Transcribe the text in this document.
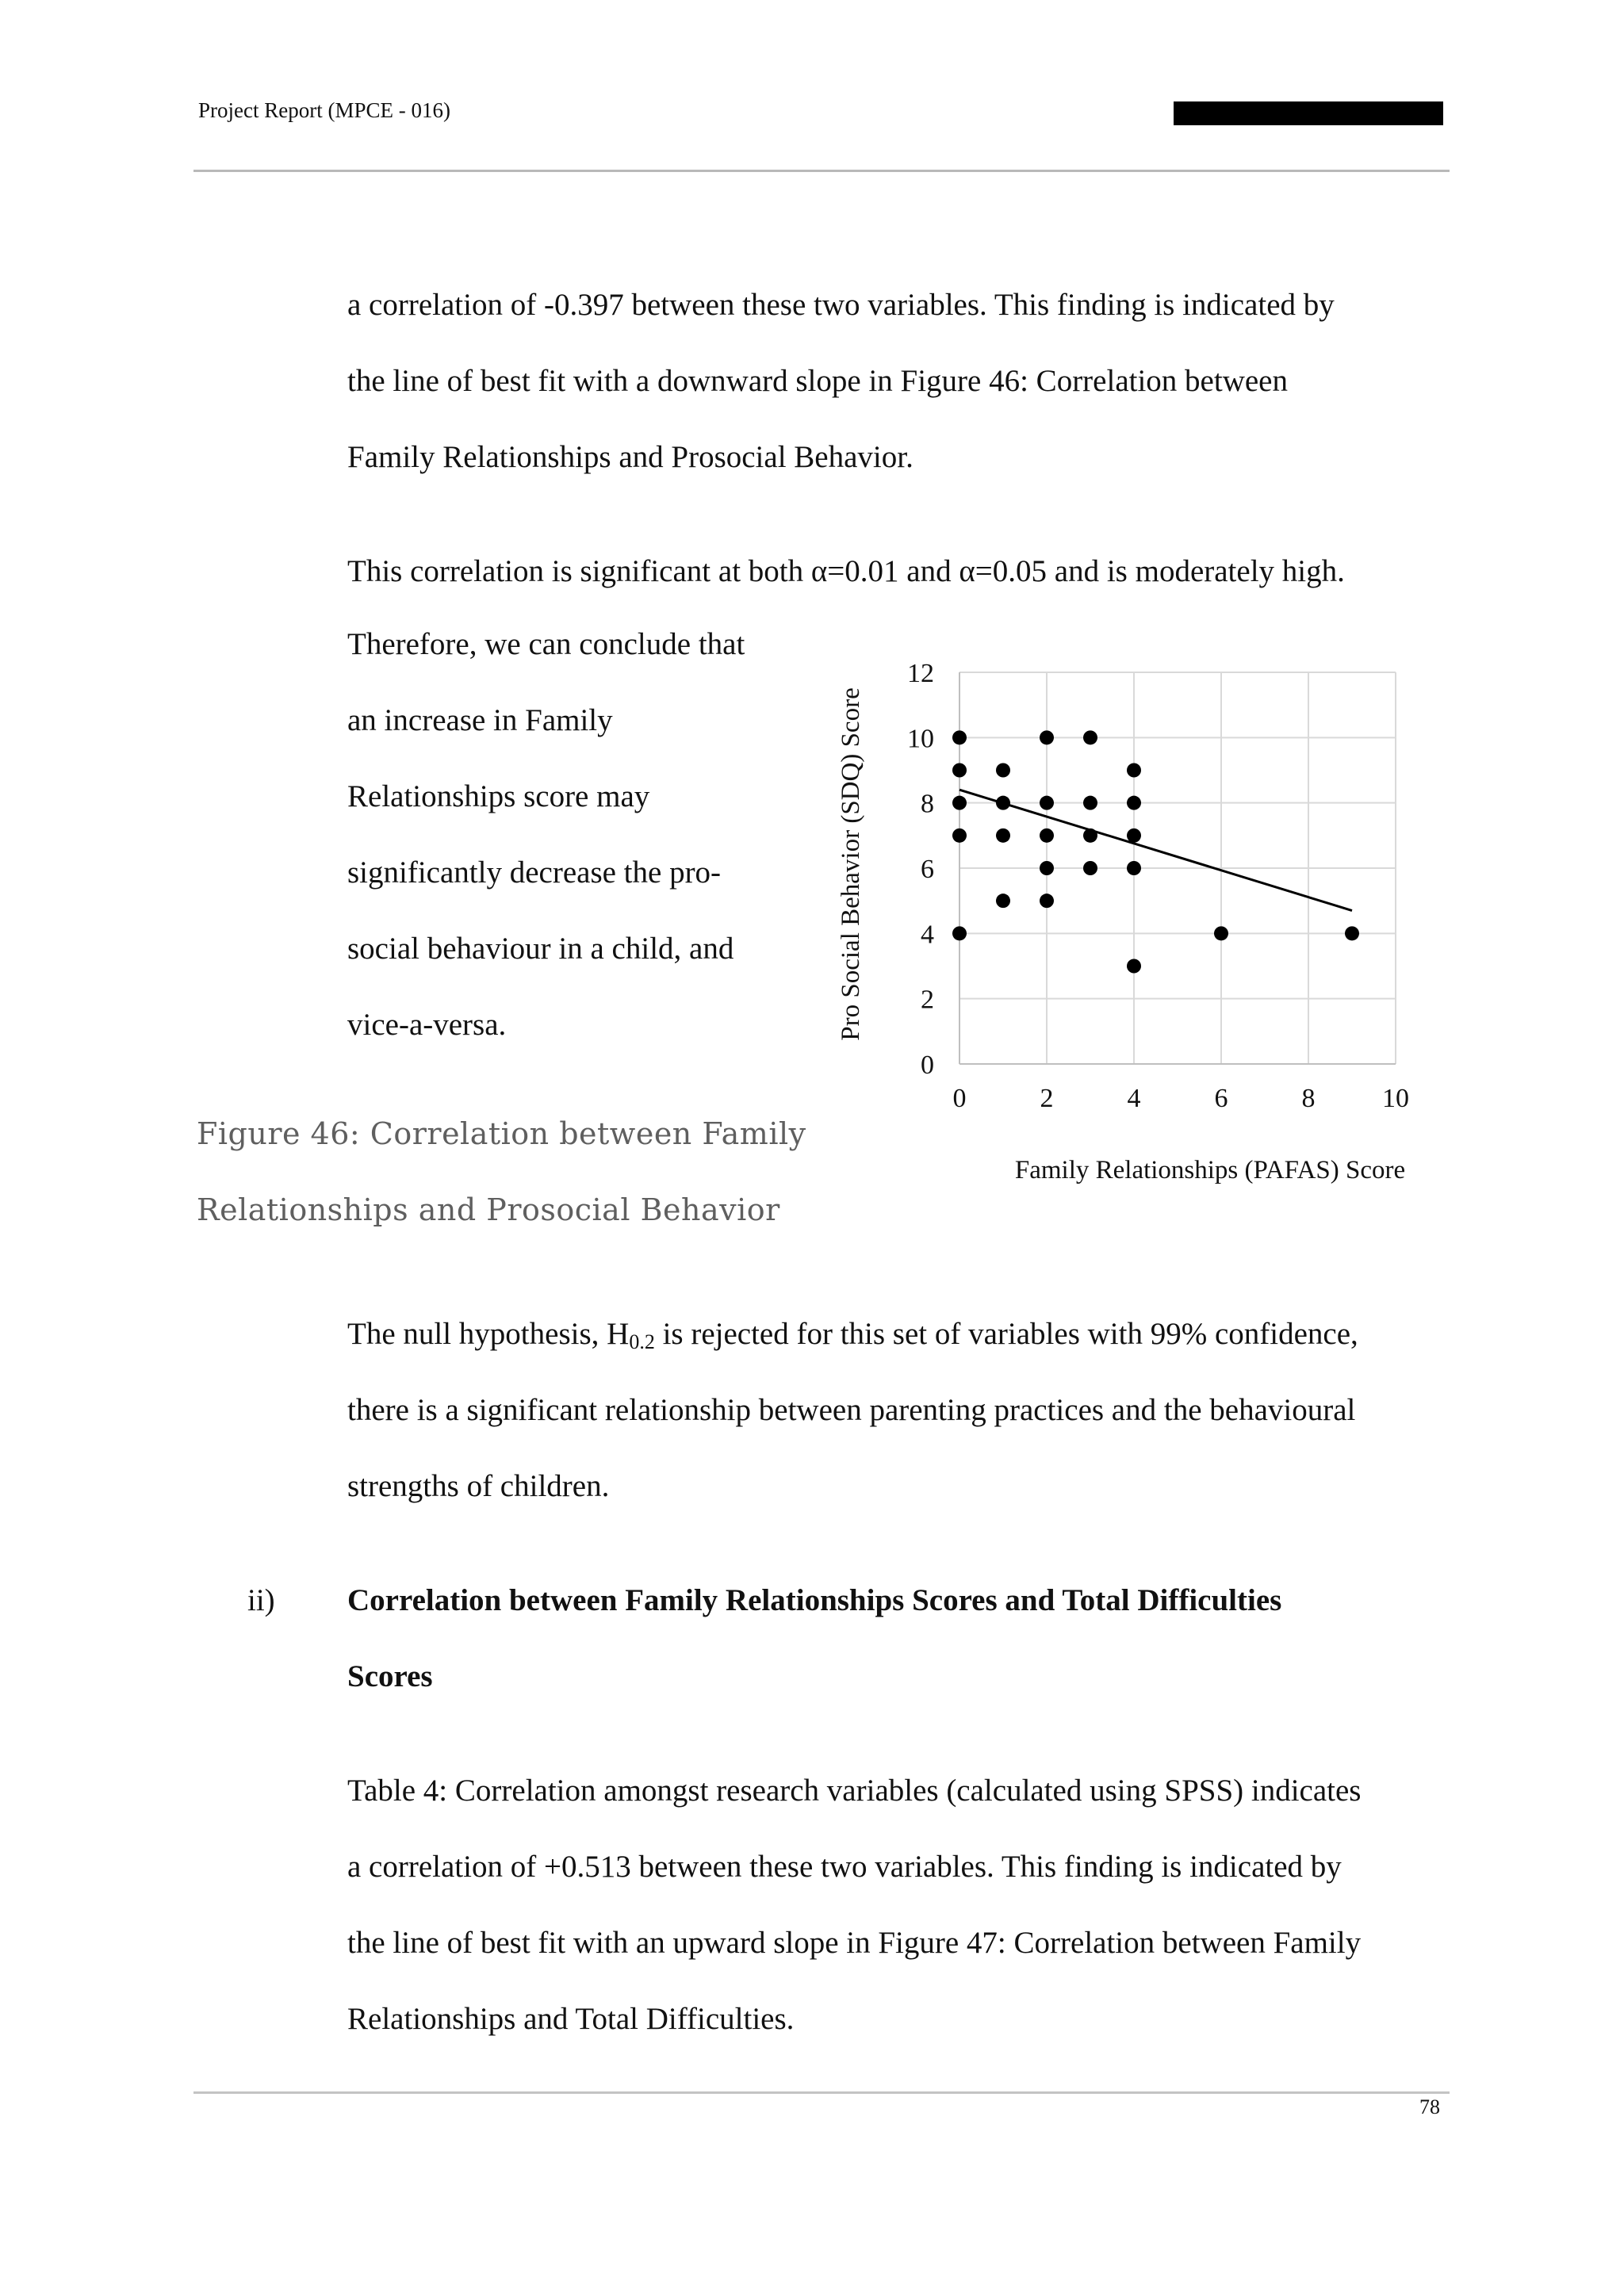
Project Report (MPCE - 016)
a correlation of -0.397 between these two variables. This finding is indicated by
the line of best fit with a downward slope in Figure 46: Correlation between
Family Relationships and Prosocial Behavior.
This correlation is significant at both α=0.01 and α=0.05 and is moderately high.
Therefore, we can conclude that
an increase in Family
Relationships score may
significantly decrease the pro-
social behaviour in a child, and
vice-a-versa.
Figure 46: Correlation between Family
Relationships and Prosocial Behavior
0
2
4
6
8
10
12
0	2	4	6	8 10
Family Relationships (PAFAS) Score
Pro Social Behavior (SDQ) Score
The null hypothesis, $H_{0.2}$ is rejected for this set of variables with 99% confidence,
there is a significant relationship between parenting practices and the behavioural
strengths of children.
ii) Correlation between Family Relationships Scores and Total Difficulties
Scores
Table 4: Correlation amongst research variables (calculated using SPSS) indicates
a correlation of +0.513 between these two variables. This finding is indicated by
the line of best fit with an upward slope in Figure 47: Correlation between Family
Relationships and Total Difficulties.
78
